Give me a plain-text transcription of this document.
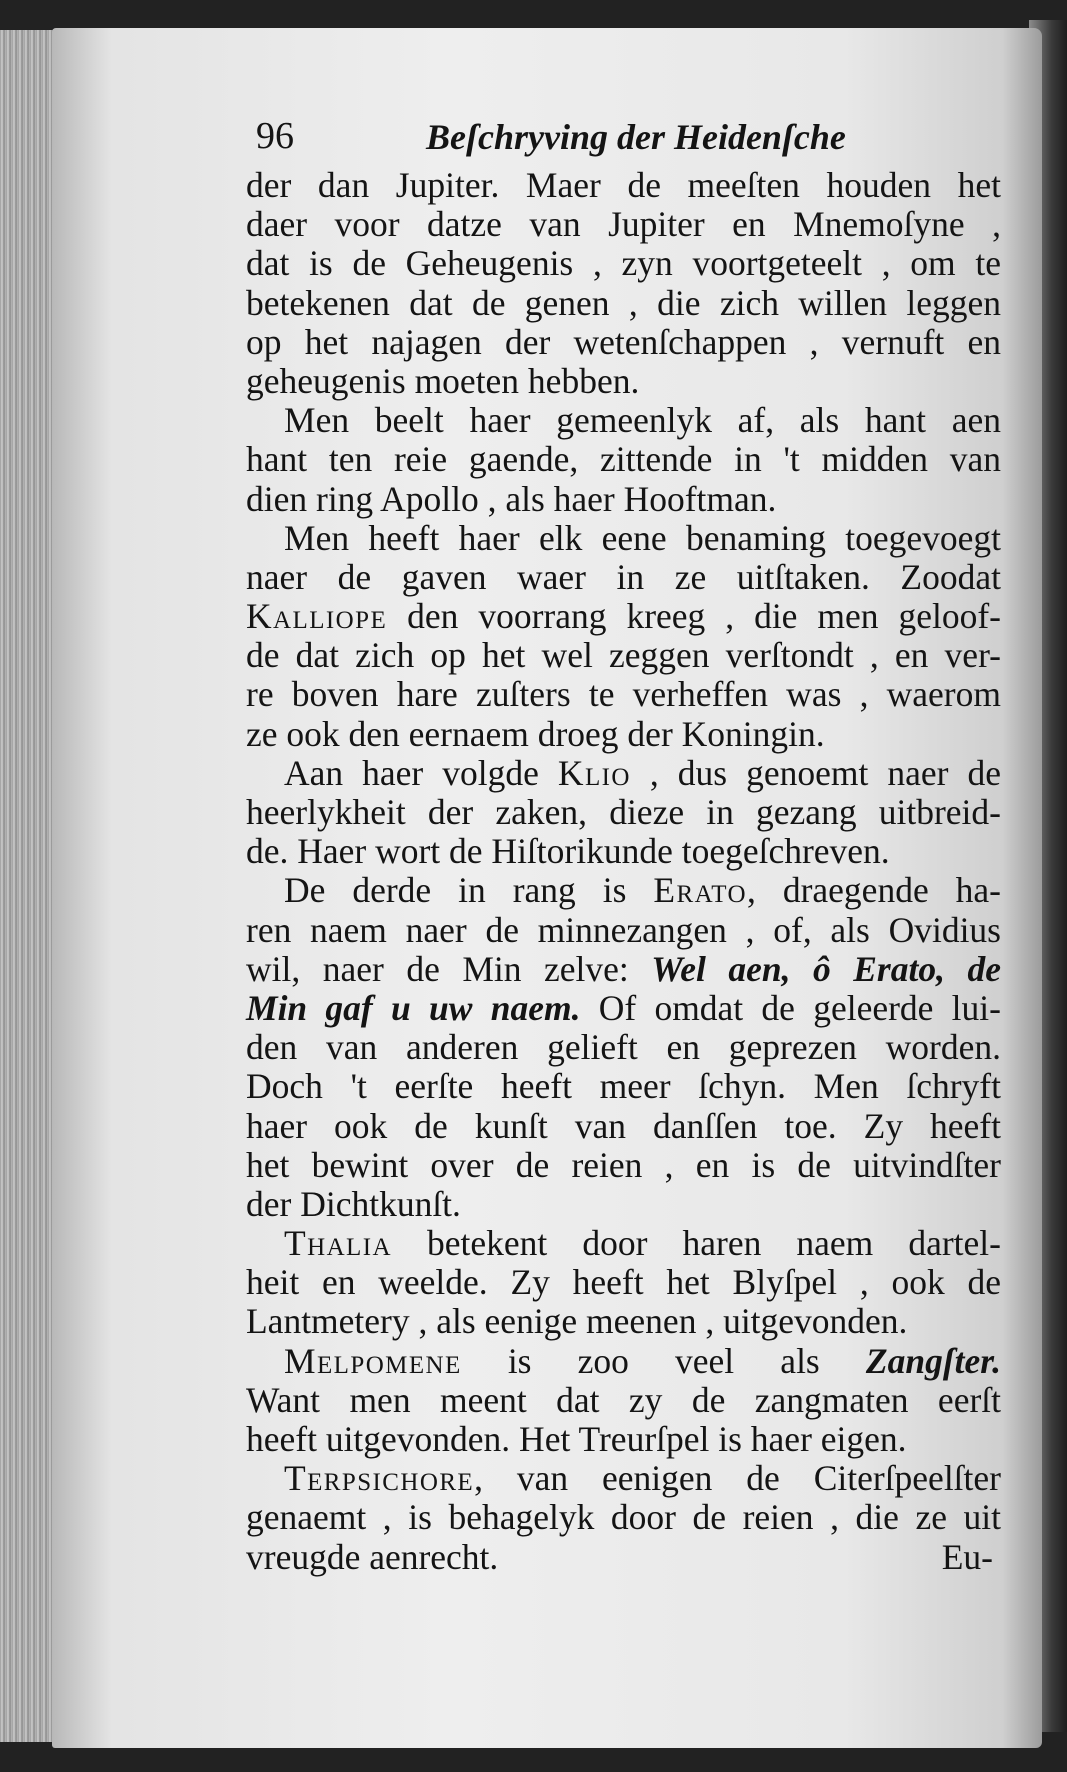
96	Beſchryving der Heidenſche
der dan Jupiter. Maer de meeſten houden het
daer voor datze van Jupiter en Mnemoſyne ,
dat is de Geheugenis , zyn voortgeteelt , om te
betekenen dat de genen , die zich willen leggen
op het najagen der wetenſchappen , vernuft en
geheugenis moeten hebben.
Men beelt haer gemeenlyk af, als hant aen
hant ten reie gaende, zittende in 't midden van
dien ring Apollo , als haer Hooftman.
Men heeft haer elk eene benaming toegevoegt
naer de gaven waer in ze uitſtaken. Zoodat
Kalliope den voorrang kreeg , die men geloof-
de dat zich op het wel zeggen verſtondt , en ver-
re boven hare zuſters te verheffen was , waerom
ze ook den eernaem droeg der Koningin.
Aan haer volgde Klio , dus genoemt naer de
heerlykheit der zaken, dieze in gezang uitbreid-
de. Haer wort de Hiſtorikunde toegeſchreven.
De derde in rang is Erato, draegende ha-
ren naem naer de minnezangen , of, als Ovidius
wil, naer de Min zelve: Wel aen, ô Erato, de
Min gaf u uw naem. Of omdat de geleerde lui-
den van anderen gelieft en geprezen worden.
Doch 't eerſte heeft meer ſchyn. Men ſchryft
haer ook de kunſt van danſſen toe. Zy heeft
het bewint over de reien , en is de uitvindſter
der Dichtkunſt.
Thalia betekent door haren naem dartel-
heit en weelde. Zy heeft het Blyſpel , ook de
Lantmetery , als eenige meenen , uitgevonden.
Melpomene is zoo veel als Zangſter.
Want men meent dat zy de zangmaten eerſt
heeft uitgevonden. Het Treurſpel is haer eigen.
Terpsichore, van eenigen de Citerſpeelſter
genaemt , is behagelyk door de reien , die ze uit
vreugde aenrecht.	Eu-
